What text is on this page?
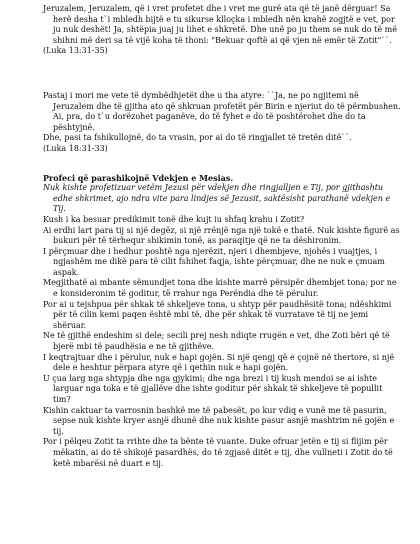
Jeruzalem, Jeruzalem, që i vret profetet dhe i vret me gurë ata që të janë dërguar! Sa herë desha t`i mbledh bijtë e tu sikurse klloçka i mbledh nën krahë zogjtë e vet, por ju nuk deshët! Ja, shtëpia juaj ju lihet e shkretë. Dhe unë po ju them se nuk do të më shihni më deri sa të vijë koha të thoni: "Bekuar qoftë ai që vjen në emër të Zotit"``.

(Luka 13:31-35)

Pastaj i mori me vete të dymbëdhjetët dhe u tha atyre: ``Ja, ne po ngjitemi në Jeruzalem dhe të gjitha ato që shkruan profetët për Birin e njeriut do të përmbushen. Ai, pra, do t`u dorëzohet paganëve, do të fyhet e do të poshtërohet dhe do ta pështyjnë.

Dhe, pasi ta fshikullojnë, do ta vrasin, por ai do të ringjallet të tretën ditë``.

(Luka 18:31-33)

Profeci që parashikojnë Vdekjen e Mesias.

Nuk kishte profetizuar vetëm Jezusi për vdekjen dhe ringjalljen e Tij, por gjithashtu edhe shkrimet, ajo ndra vite para lindjes së Jezusit, saktësisht parathanë vdekjen e Tij.

Kush i ka besuar predikimit tonë dhe kujt iu shfaq krahu i Zotit?

Ai erdhi lart para tij si një degëz, si një rrënjë nga një tokë e thatë. Nuk kishte figurë as bukuri për të tërhequr shikimin tonë, as paraqitje që ne ta dëshironim.

I përçmuar dhe i hedhur poshtë nga njerëzit, njeri i dhembjeve, njohës i vuajtjes, i ngjashëm me dikë para të cilit fshihet faqja, ishte përçmuar, dhe ne nuk e çmuam aspak.

Megjithatë ai mbante sëmundjet tona dhe kishte marrë përsipër dhembjet tona; por ne e konsideronim të goditur, të rrahur nga Perëndia dhe të përulur.

Por ai u tejshpua për shkak të shkeljeve tona, u shtyp për paudhësitë tona; ndëshkimi për të cilin kemi paqen është mbi të, dhe për shkak të vurratave të tij ne jemi shëruar.

Ne të gjithë endeshim si dele; secili prej nesh ndiqte rrugën e vet, dhe Zoti bëri që të bjerë mbi të paudhësia e ne të gjithëve.

I keqtrajtuar dhe i përulur, nuk e hapi gojën. Si një qengj që e çojnë në thertore, si një dele e heshtur përpara atyre që i qethin nuk e hapi gojën.

U çua larg nga shtypja dhe nga gjykimi; dhe nga brezi i tij kush mendoi se ai ishte larguar nga toka e të gjallëve dhe ishte goditur për shkak të shkeljeve të popullit tim?

Kishin caktuar ta varrosnin bashkë me të pabesët, po kur vdiq e vunë me të pasurin, sepse nuk kishte kryer asnjë dhunë dhe nuk kishte pasur asnjë mashtrim në gojën e tij.

Por i pëlqeu Zotit ta rrihte dhe ta bënte të vuante. Duke ofruar jetën e tij si flijim për mëkatin, ai do të shikojë pasardhës, do të zgjasë ditët e tij, dhe vullneti i Zotit do të ketë mbarësi në duart e tij.
